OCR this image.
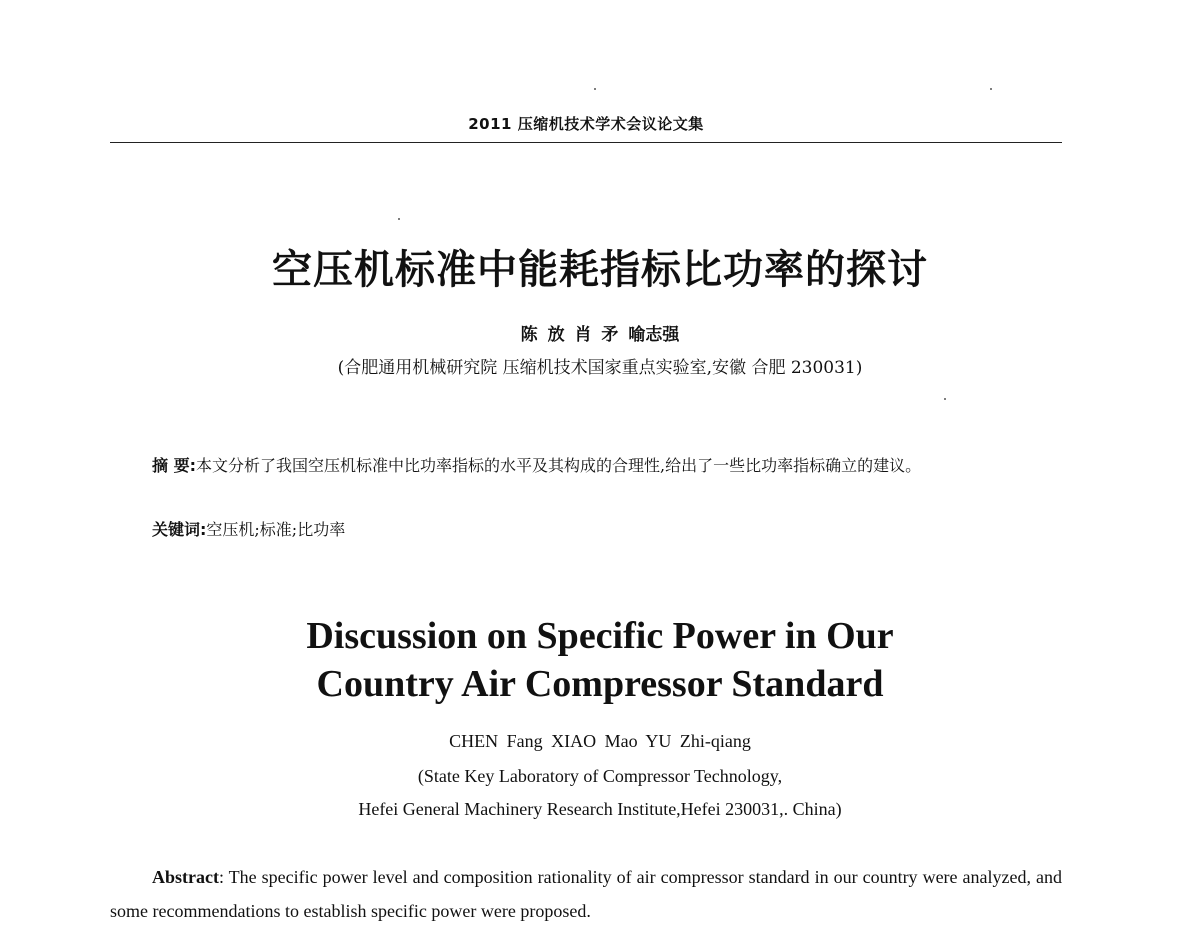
2011 压缩机技术学术会议论文集
空压机标准中能耗指标比功率的探讨
陈 放 肖 矛 喻志强
(合肥通用机械研究院 压缩机技术国家重点实验室,安徽 合肥 230031)
摘 要:本文分析了我国空压机标准中比功率指标的水平及其构成的合理性,给出了一些比功率指标确立的建议。
关键词:空压机;标准;比功率
Discussion on Specific Power in Our
Country Air Compressor Standard
CHEN Fang XIAO Mao YU Zhi-qiang
(State Key Laboratory of Compressor Technology,
Hefei General Machinery Research Institute,Hefei 230031,. China)
Abstract: The specific power level and composition rationality of air compressor standard in our country were analyzed, and some recommendations to establish specific power were proposed.
